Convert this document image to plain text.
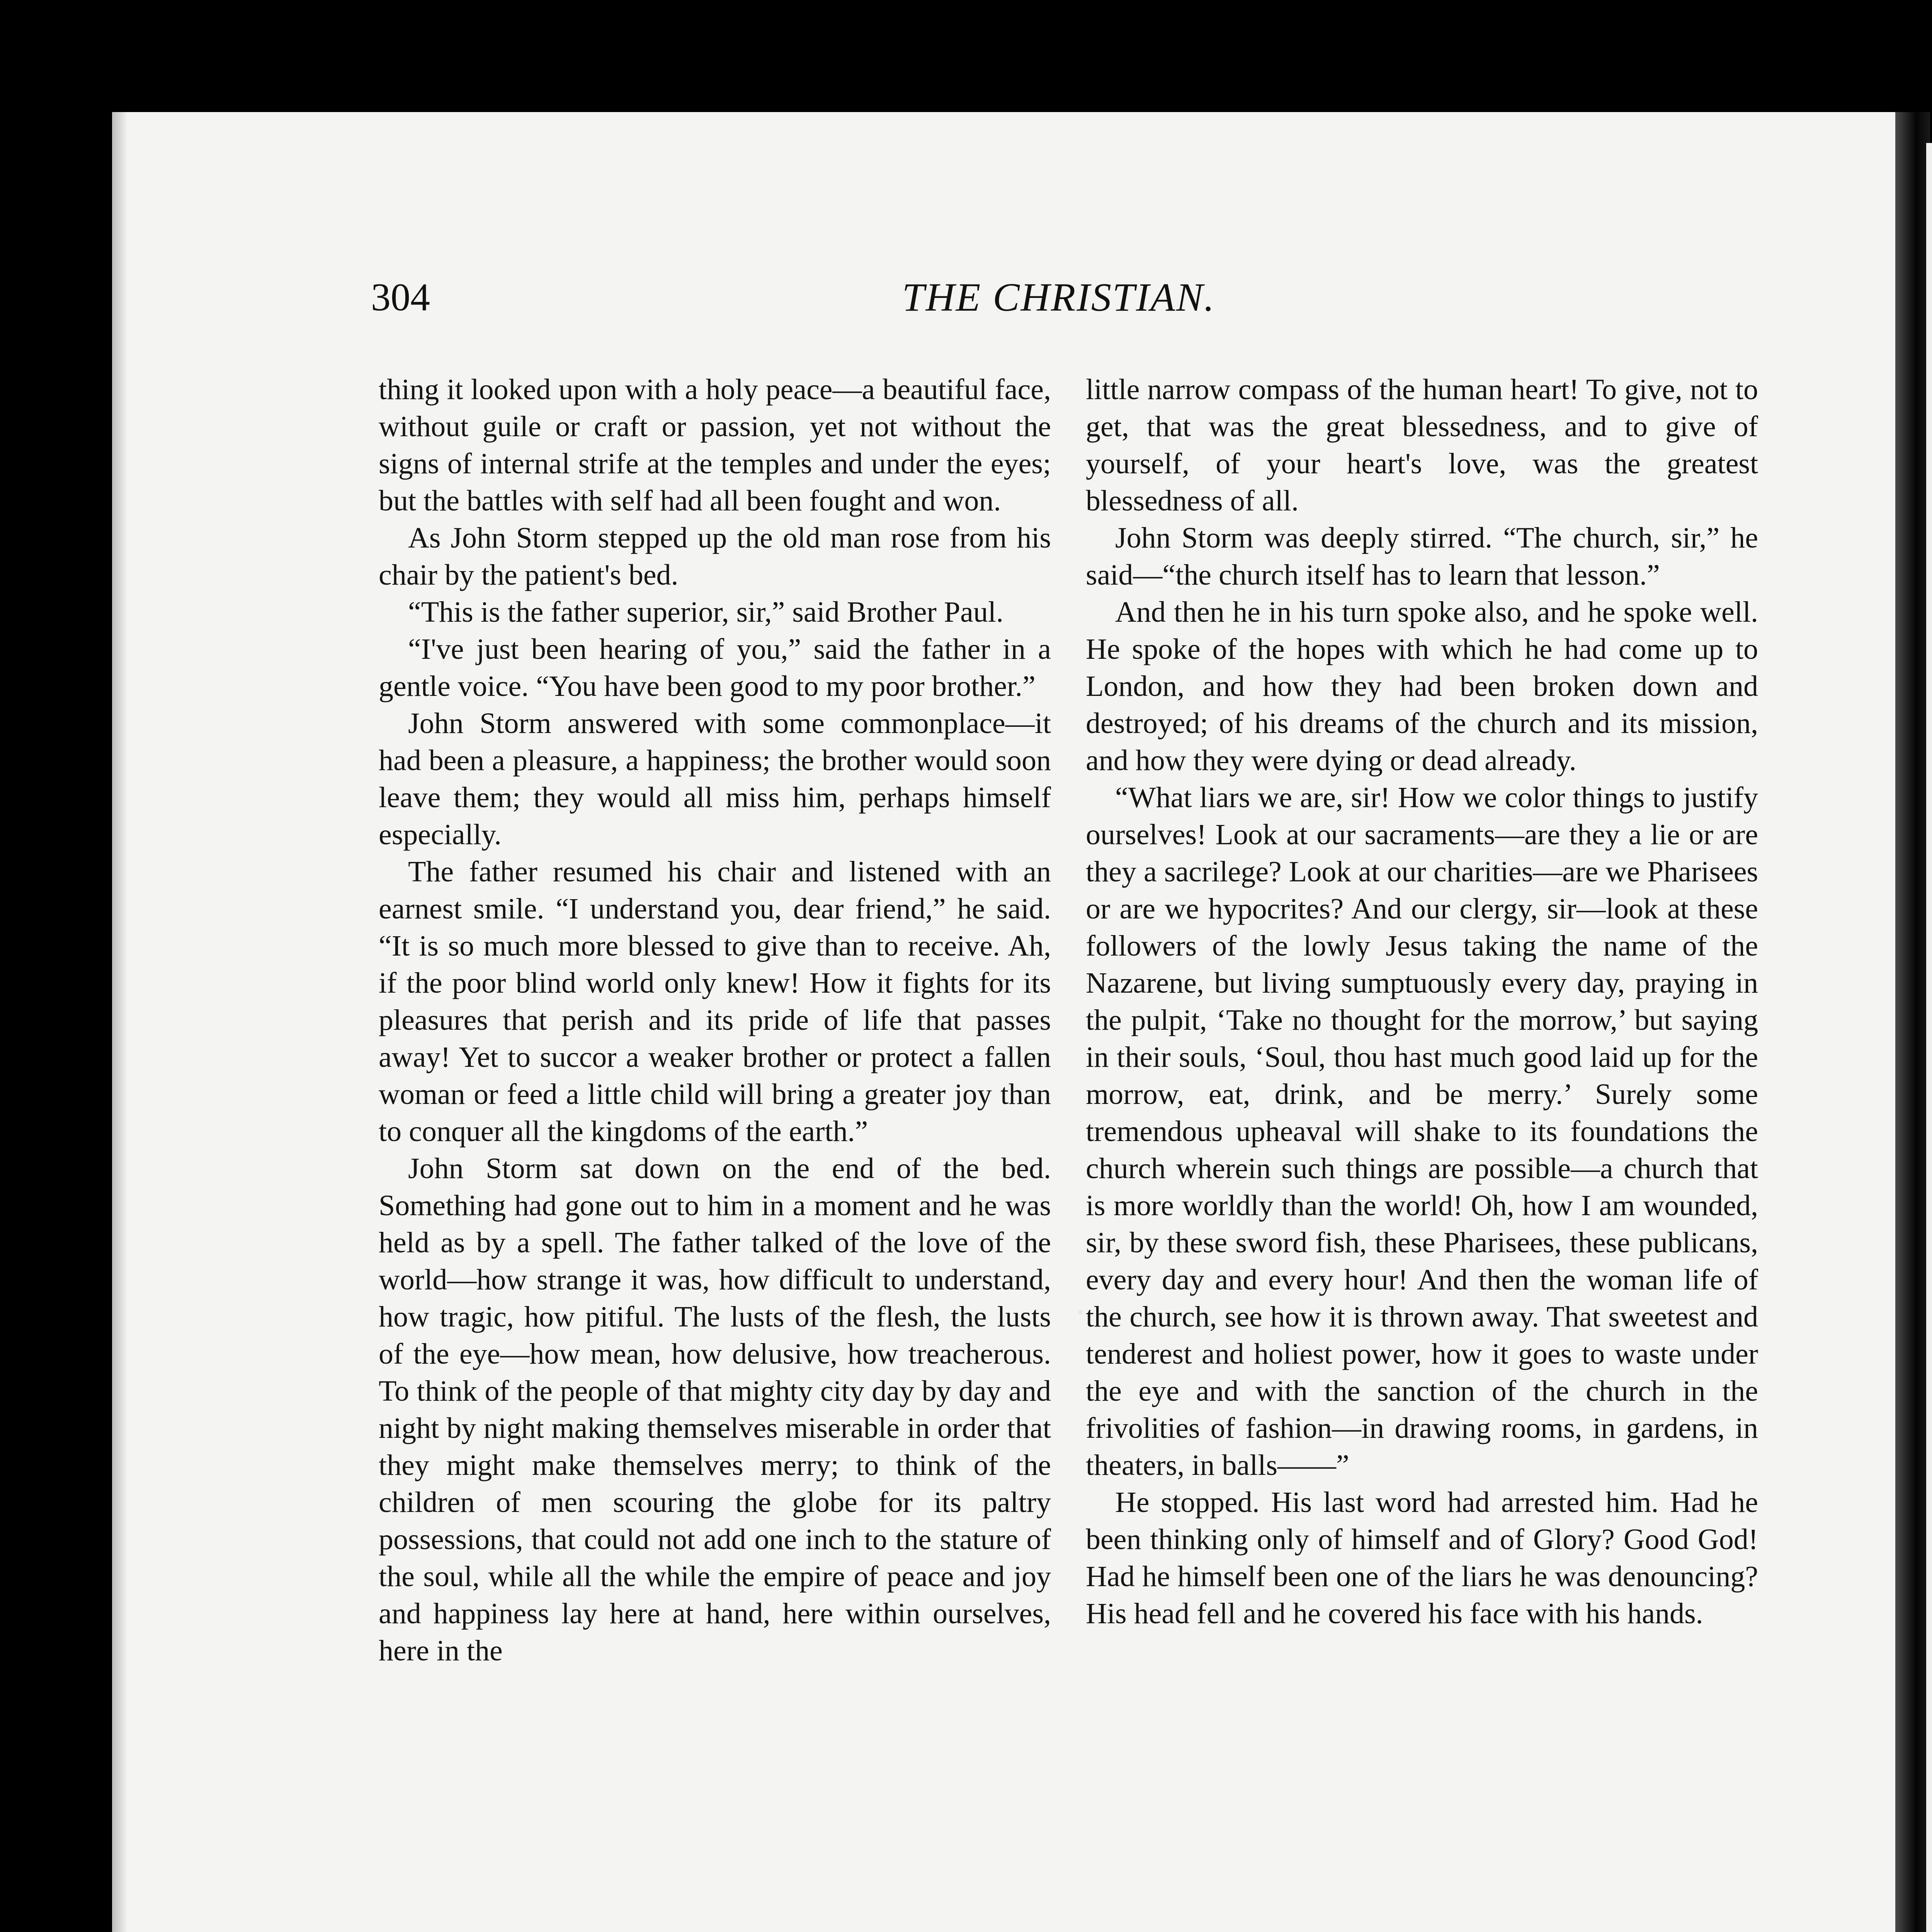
304	THE CHRISTIAN.

thing it looked upon with a holy peace—a beautiful face, without guile or craft or passion, yet not without the signs of internal strife at the temples and under the eyes; but the battles with self had all been fought and won.

As John Storm stepped up the old man rose from his chair by the patient's bed.

“This is the father superior, sir,” said Brother Paul.

“I've just been hearing of you,” said the father in a gentle voice. “You have been good to my poor brother.”

John Storm answered with some commonplace—it had been a pleasure, a happiness; the brother would soon leave them; they would all miss him, perhaps himself especially.

The father resumed his chair and listened with an earnest smile. “I understand you, dear friend,” he said. “It is so much more blessed to give than to receive. Ah, if the poor blind world only knew! How it fights for its pleasures that perish and its pride of life that passes away! Yet to succor a weaker brother or protect a fallen woman or feed a little child will bring a greater joy than to conquer all the kingdoms of the earth.”

John Storm sat down on the end of the bed. Something had gone out to him in a moment and he was held as by a spell. The father talked of the love of the world—how strange it was, how difficult to understand, how tragic, how pitiful. The lusts of the flesh, the lusts of the eye—how mean, how delusive, how treacherous. To think of the people of that mighty city day by day and night by night making themselves miserable in order that they might make themselves merry; to think of the children of men scouring the globe for its paltry possessions, that could not add one inch to the stature of the soul, while all the while the empire of peace and joy and happiness lay here at hand, here within ourselves, here in the

little narrow compass of the human heart! To give, not to get, that was the great blessedness, and to give of yourself, of your heart's love, was the greatest blessedness of all.

John Storm was deeply stirred. “The church, sir,” he said—“the church itself has to learn that lesson.”

And then he in his turn spoke also, and he spoke well. He spoke of the hopes with which he had come up to London, and how they had been broken down and destroyed; of his dreams of the church and its mission, and how they were dying or dead already.

“What liars we are, sir! How we color things to justify ourselves! Look at our sacraments—are they a lie or are they a sacrilege? Look at our charities—are we Pharisees or are we hypocrites? And our clergy, sir—look at these followers of the lowly Jesus taking the name of the Nazarene, but living sumptuously every day, praying in the pulpit, ‘Take no thought for the morrow,’ but saying in their souls, ‘Soul, thou hast much good laid up for the morrow, eat, drink, and be merry.’ Surely some tremendous upheaval will shake to its foundations the church wherein such things are possible—a church that is more worldly than the world! Oh, how I am wounded, sir, by these sword fish, these Pharisees, these publicans, every day and every hour! And then the woman life of the church, see how it is thrown away. That sweetest and tenderest and holiest power, how it goes to waste under the eye and with the sanction of the church in the frivolities of fashion—in drawing rooms, in gardens, in theaters, in balls——”

He stopped. His last word had arrested him. Had he been thinking only of himself and of Glory? Good God! Had he himself been one of the liars he was denouncing? His head fell and he covered his face with his hands.
